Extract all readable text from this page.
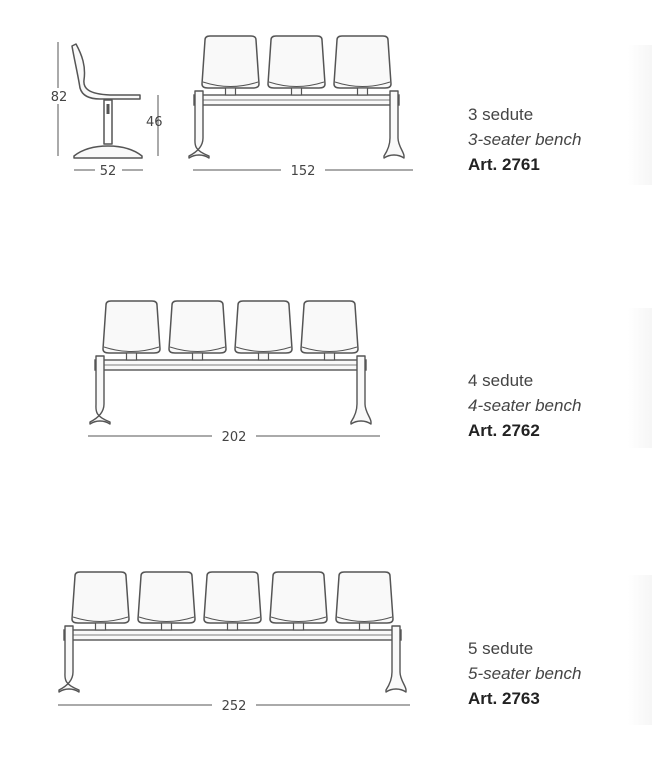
82
46
52	152
202
252
3 sedute
3-seater bench
Art. 2761
4 sedute
4-seater bench
Art. 2762
5 sedute
5-seater bench
Art. 2763
